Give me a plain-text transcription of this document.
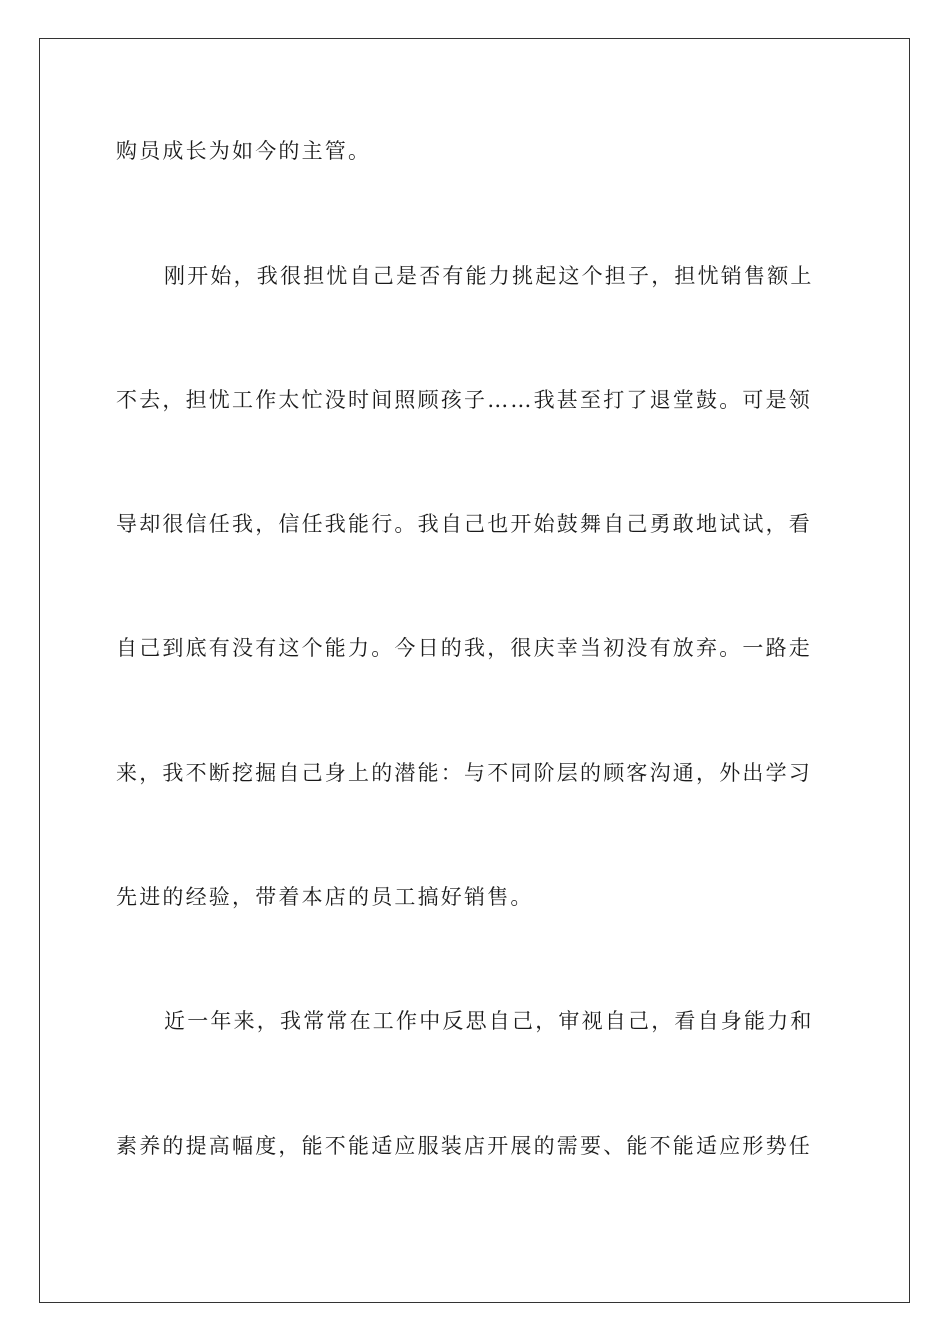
购员成长为如今的主管。
刚开始，我很担忧自己是否有能力挑起这个担子，担忧销售额上
不去，担忧工作太忙没时间照顾孩子……我甚至打了退堂鼓。可是领
导却很信任我，信任我能行。我自己也开始鼓舞自己勇敢地试试，看
自己到底有没有这个能力。今日的我，很庆幸当初没有放弃。一路走
来，我不断挖掘自己身上的潜能：与不同阶层的顾客沟通，外出学习
先进的经验，带着本店的员工搞好销售。
近一年来，我常常在工作中反思自己，审视自己，看自身能力和
素养的提高幅度，能不能适应服装店开展的需要、能不能适应形势任
